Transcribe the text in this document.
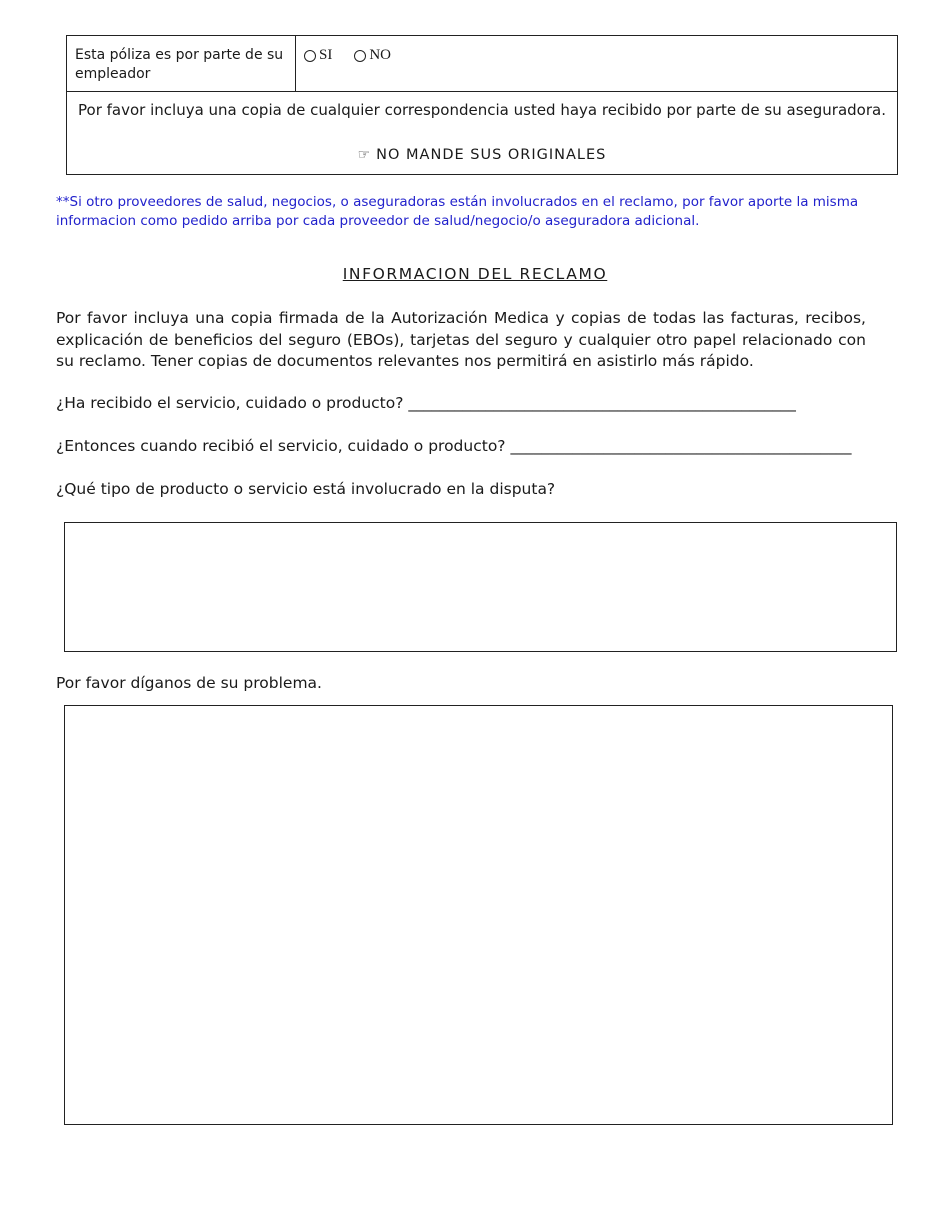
Esta póliza es por parte de su empleador
SI NO
Por favor incluya una copia de cualquier correspondencia usted haya recibido por parte de su aseguradora.
☞ NO MANDE SUS ORIGINALES
**Si otro proveedores de salud, negocios, o aseguradoras están involucrados en el reclamo, por favor aporte la misma informacion como pedido arriba por cada proveedor de salud/negocio/o aseguradora adicional.
INFORMACION DEL RECLAMO
Por favor incluya una copia firmada de la Autorización Medica y copias de todas las facturas, recibos, explicación de beneficios del seguro (EBOs), tarjetas del seguro y cualquier otro papel relacionado con su reclamo. Tener copias de documentos relevantes nos permitirá en asistirlo más rápido.
¿Ha recibido el servicio, cuidado o producto? __________________________________________________
¿Entonces cuando recibió el servicio, cuidado o producto? ____________________________________________
¿Qué tipo de producto o servicio está involucrado en la disputa?
Por favor díganos de su problema.
